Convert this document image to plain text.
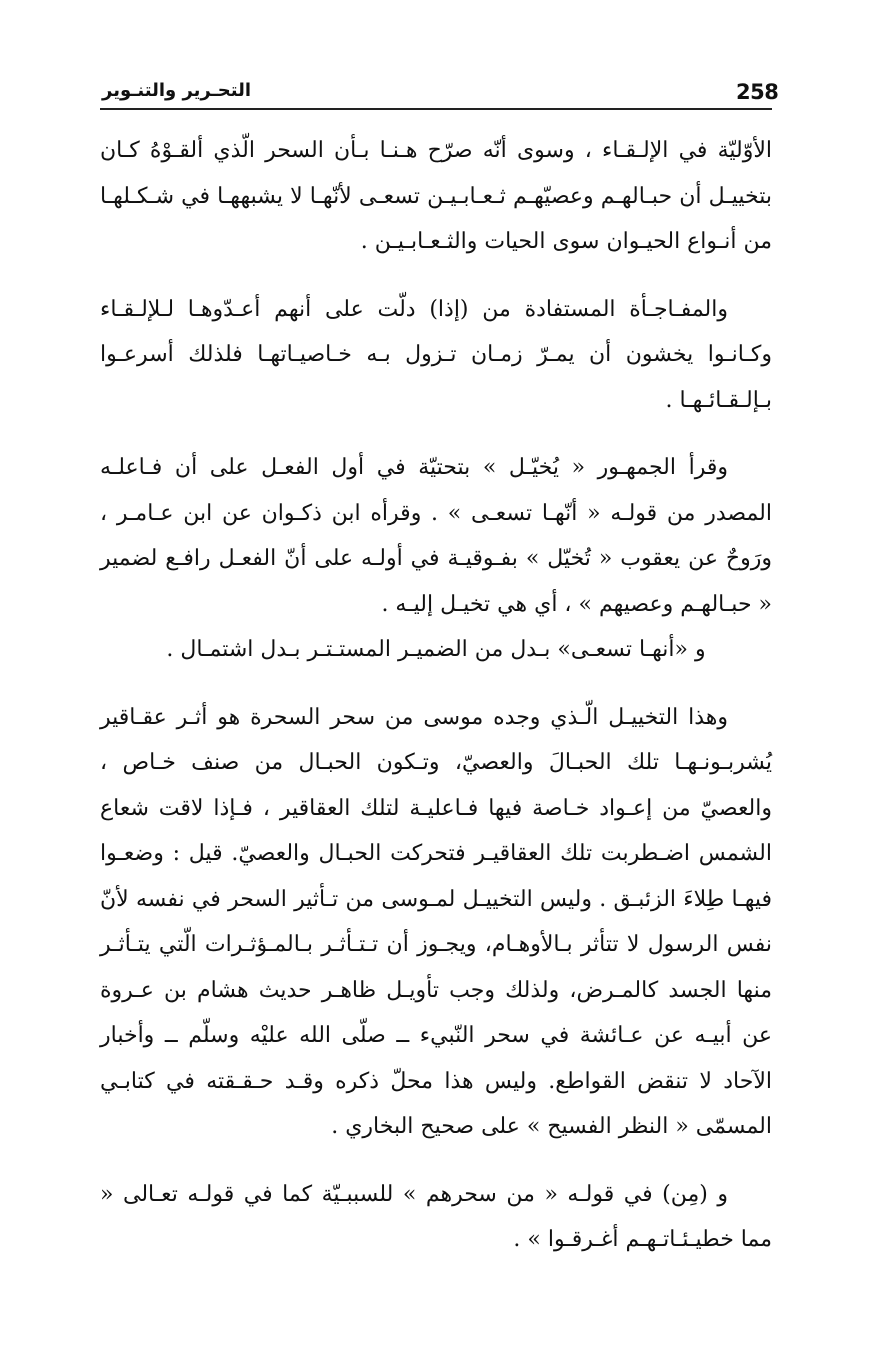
258
التحـرير والتنـوير

الأوّليّة في الإلـقـاء ، وسوى أنّه صرّح هـنـا بـأن السحر الّذي ألقـوْهُ كـان بتخييـل أن حبـالهـم وعصيّهـم ثـعـابـيـن تسعـى لأنّهـا لا يشبههـا في شـكـلهـا من أنـواع الحيـوان سوى الحيات والثـعـابـيـن .

والمفـاجـأة المستفادة من (إذا) دلّت على أنهم أعـدّوهـا لـلإلـقـاء وكـانـوا يخشون أن يمـرّ زمـان تـزول بـه خـاصيـاتهـا فلذلك أسرعـوا بـإلـقـائـهـا .

وقرأ الجمهـور « يُخيّـل » بتحتيّة في أول الفعـل على أن فـاعلـه المصدر من قولـه « أنّهـا تسعـى » . وقرأه ابن ذكـوان عن ابن عـامـر ، ورَوحٌ عن يعقوب « تُخيّل » بفـوقيـة في أولـه على أنّ الفعـل رافـع لضمير « حبـالهـم وعصيهم » ، أي هي تخيـل إليـه .

و «أنهـا تسعـى» بـدل من الضميـر المستـتـر بـدل اشتمـال .

وهذا التخييـل الّـذي وجده موسى من سحر السحرة هو أثـر عقـاقير يُشربـونـهـا تلك الحبـالَ والعصيّ، وتـكون الحبـال من صنف خـاص ، والعصيّ من إعـواد خـاصة فيها فـاعليـة لتلك العقاقير ، فـإذا لاقت شعاع الشمس اضـطربت تلك العقاقيـر فتحركت الحبـال والعصيّ. قيل : وضعـوا فيهـا طِلاءَ الزئبـق . وليس التخييـل لمـوسى من تـأثير السحر في نفسه لأنّ نفس الرسول لا تتأثر بـالأوهـام، ويجـوز أن تـتـأثـر بـالمـؤثـرات الّتي يتـأثـر منها الجسد كالمـرض، ولذلك وجب تأويـل ظاهـر حديث هشام بن عـروة عن أبيـه عن عـائشة في سحر النّبيء ــ صلّى الله عليْه وسلّم ــ وأخبار الآحاد لا تنقض القواطع. وليس هذا محلّ ذكره وقـد حـقـقته في كتابـي المسمّى « النظر الفسيح » على صحيح البخاري .

و (مِن) في قولـه « من سحرهم » للسببـيّة كما في قولـه تعـالى « مما خطيـئـاتـهـم أغـرقـوا » .
